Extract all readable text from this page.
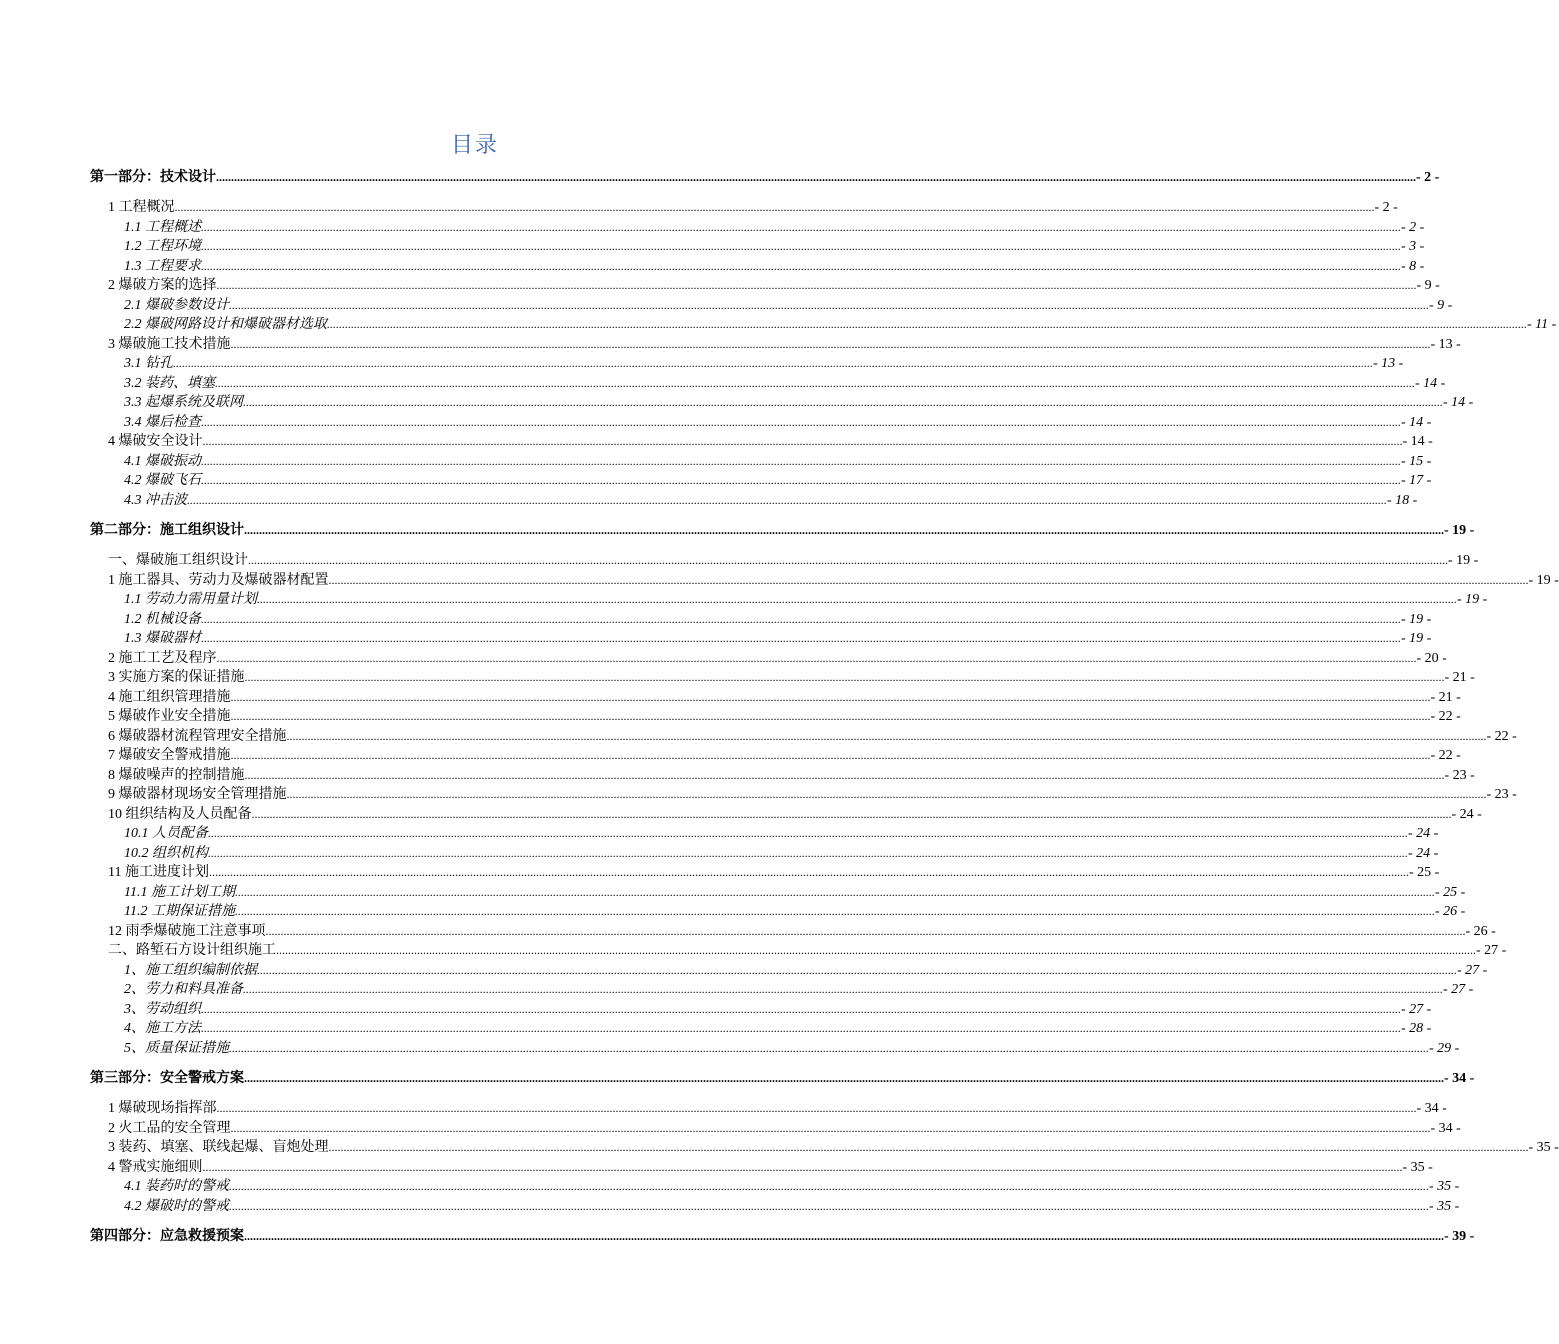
目录
第一部分：技术设计 ................................................................................................................................................................................................................................................................................................................................................................................................................ - 2 -
1 工程概况 ................................................................................................................................................................................................................................................................................................................................................................................................................ - 2 -
1.1 工程概述 ................................................................................................................................................................................................................................................................................................................................................................................................................ - 2 -
1.2 工程环境 ................................................................................................................................................................................................................................................................................................................................................................................................................ - 3 -
1.3 工程要求 ................................................................................................................................................................................................................................................................................................................................................................................................................ - 8 -
2 爆破方案的选择 ................................................................................................................................................................................................................................................................................................................................................................................................................ - 9 -
2.1 爆破参数设计 ................................................................................................................................................................................................................................................................................................................................................................................................................ - 9 -
2.2 爆破网路设计和爆破器材选取 ................................................................................................................................................................................................................................................................................................................................................................................................................ - 11 -
3 爆破施工技术措施 ................................................................................................................................................................................................................................................................................................................................................................................................................ - 13 -
3.1 钻孔 ................................................................................................................................................................................................................................................................................................................................................................................................................ - 13 -
3.2 装药、填塞 ................................................................................................................................................................................................................................................................................................................................................................................................................ - 14 -
3.3 起爆系统及联网 ................................................................................................................................................................................................................................................................................................................................................................................................................ - 14 -
3.4 爆后检查 ................................................................................................................................................................................................................................................................................................................................................................................................................ - 14 -
4 爆破安全设计 ................................................................................................................................................................................................................................................................................................................................................................................................................ - 14 -
4.1 爆破振动 ................................................................................................................................................................................................................................................................................................................................................................................................................ - 15 -
4.2 爆破飞石 ................................................................................................................................................................................................................................................................................................................................................................................................................ - 17 -
4.3 冲击波 ................................................................................................................................................................................................................................................................................................................................................................................................................ - 18 -
第二部分：施工组织设计 ................................................................................................................................................................................................................................................................................................................................................................................................................ - 19 -
一、爆破施工组织设计 ................................................................................................................................................................................................................................................................................................................................................................................................................ - 19 -
1 施工器具、劳动力及爆破器材配置 ................................................................................................................................................................................................................................................................................................................................................................................................................ - 19 -
1.1 劳动力需用量计划 ................................................................................................................................................................................................................................................................................................................................................................................................................ - 19 -
1.2 机械设备 ................................................................................................................................................................................................................................................................................................................................................................................................................ - 19 -
1.3 爆破器材 ................................................................................................................................................................................................................................................................................................................................................................................................................ - 19 -
2 施工工艺及程序 ................................................................................................................................................................................................................................................................................................................................................................................................................ - 20 -
3 实施方案的保证措施 ................................................................................................................................................................................................................................................................................................................................................................................................................ - 21 -
4 施工组织管理措施 ................................................................................................................................................................................................................................................................................................................................................................................................................ - 21 -
5 爆破作业安全措施 ................................................................................................................................................................................................................................................................................................................................................................................................................ - 22 -
6 爆破器材流程管理安全措施 ................................................................................................................................................................................................................................................................................................................................................................................................................ - 22 -
7 爆破安全警戒措施 ................................................................................................................................................................................................................................................................................................................................................................................................................ - 22 -
8 爆破噪声的控制措施 ................................................................................................................................................................................................................................................................................................................................................................................................................ - 23 -
9 爆破器材现场安全管理措施 ................................................................................................................................................................................................................................................................................................................................................................................................................ - 23 -
10 组织结构及人员配备 ................................................................................................................................................................................................................................................................................................................................................................................................................ - 24 -
10.1 人员配备 ................................................................................................................................................................................................................................................................................................................................................................................................................ - 24 -
10.2 组织机构 ................................................................................................................................................................................................................................................................................................................................................................................................................ - 24 -
11 施工进度计划 ................................................................................................................................................................................................................................................................................................................................................................................................................ - 25 -
11.1 施工计划工期 ................................................................................................................................................................................................................................................................................................................................................................................................................ - 25 -
11.2 工期保证措施 ................................................................................................................................................................................................................................................................................................................................................................................................................ - 26 -
12 雨季爆破施工注意事项 ................................................................................................................................................................................................................................................................................................................................................................................................................ - 26 -
二、路堑石方设计组织施工 ................................................................................................................................................................................................................................................................................................................................................................................................................ - 27 -
1、施工组织编制依据 ................................................................................................................................................................................................................................................................................................................................................................................................................ - 27 -
2、劳力和料具准备 ................................................................................................................................................................................................................................................................................................................................................................................................................ - 27 -
3、劳动组织 ................................................................................................................................................................................................................................................................................................................................................................................................................ - 27 -
4、施工方法 ................................................................................................................................................................................................................................................................................................................................................................................................................ - 28 -
5、质量保证措施 ................................................................................................................................................................................................................................................................................................................................................................................................................ - 29 -
第三部分：安全警戒方案 ................................................................................................................................................................................................................................................................................................................................................................................................................ - 34 -
1 爆破现场指挥部 ................................................................................................................................................................................................................................................................................................................................................................................................................ - 34 -
2 火工品的安全管理 ................................................................................................................................................................................................................................................................................................................................................................................................................ - 34 -
3 装药、填塞、联线起爆、盲炮处理 ................................................................................................................................................................................................................................................................................................................................................................................................................ - 35 -
4 警戒实施细则 ................................................................................................................................................................................................................................................................................................................................................................................................................ - 35 -
4.1 装药时的警戒 ................................................................................................................................................................................................................................................................................................................................................................................................................ - 35 -
4.2 爆破时的警戒 ................................................................................................................................................................................................................................................................................................................................................................................................................ - 35 -
第四部分：应急救援预案 ................................................................................................................................................................................................................................................................................................................................................................................................................ - 39 -
